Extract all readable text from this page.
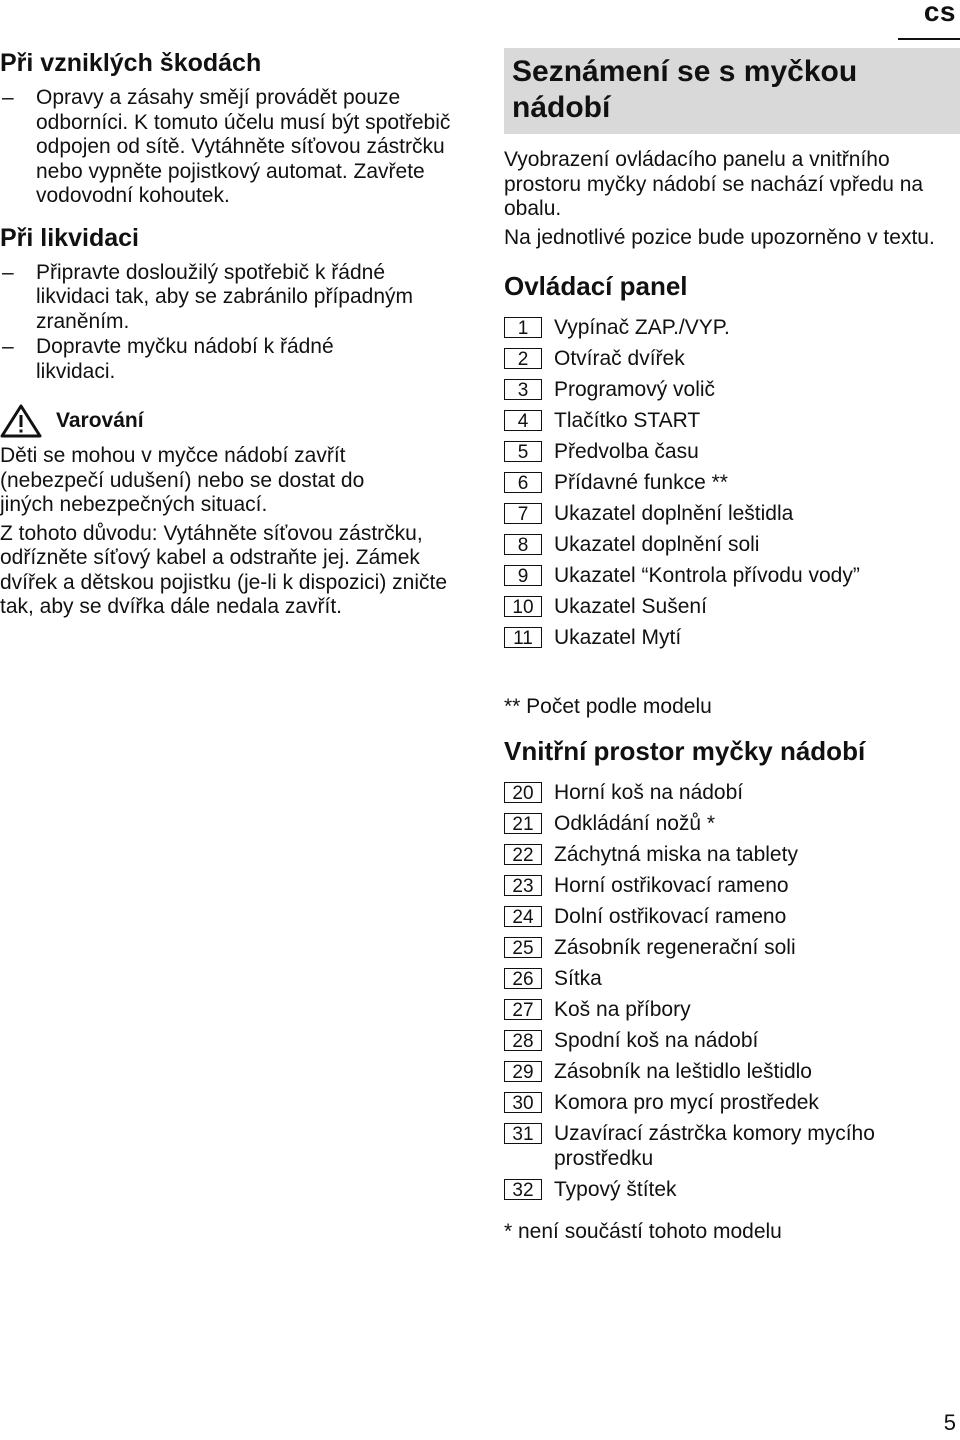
cs
Při vzniklých škodách
– Opravy a zásahy smějí provádět pouze odborníci. K tomuto účelu musí být spotřebič odpojen od sítě. Vytáhněte síťovou zástrčku nebo vypněte pojistkový automat. Zavřete vodovodní kohoutek.
Při likvidaci
– Připravte dosloužilý spotřebič k řádné likvidaci tak, aby se zabránilo případným zraněním.
– Dopravte myčku nádobí k řádné likvidaci.
Varování

Děti se mohou v myčce nádobí zavřít (nebezpečí udušení) nebo se dostat do jiných nebezpečných situací.

Z tohoto důvodu: Vytáhněte síťovou zástrčku, odřízněte síťový kabel a odstraňte jej. Zámek dvířek a dětskou pojistku (je-li k dispozici) zničte tak, aby se dvířka dále nedala zavřít.

Seznámení se s myčkou nádobí

Vyobrazení ovládacího panelu a vnitřního prostoru myčky nádobí se nachází vpředu na obalu.

Na jednotlivé pozice bude upozorněno v textu.

Ovládací panel
1	Vypínač ZAP./VYP.
2	Otvírač dvířek
3	Programový volič
4	Tlačítko START
5	Předvolba času
6	Přídavné funkce **
7	Ukazatel doplnění leštidla
8	Ukazatel doplnění soli
9	Ukazatel “Kontrola přívodu vody”
10 Ukazatel Sušení
11	Ukazatel Mytí

** Počet podle modelu

Vnitřní prostor myčky nádobí
20 Horní koš na nádobí
21 Odkládání nožů *
22 Záchytná miska na tablety
23 Horní ostřikovací rameno
24 Dolní ostřikovací rameno
25 Zásobník regenerační soli
26 Sítka
27 Koš na příbory
28 Spodní koš na nádobí
29 Zásobník na leštidlo leštidlo
30 Komora pro mycí prostředek
31 Uzavírací zástrčka komory mycího prostředku
32 Typový štítek

* není součástí tohoto modelu

5
